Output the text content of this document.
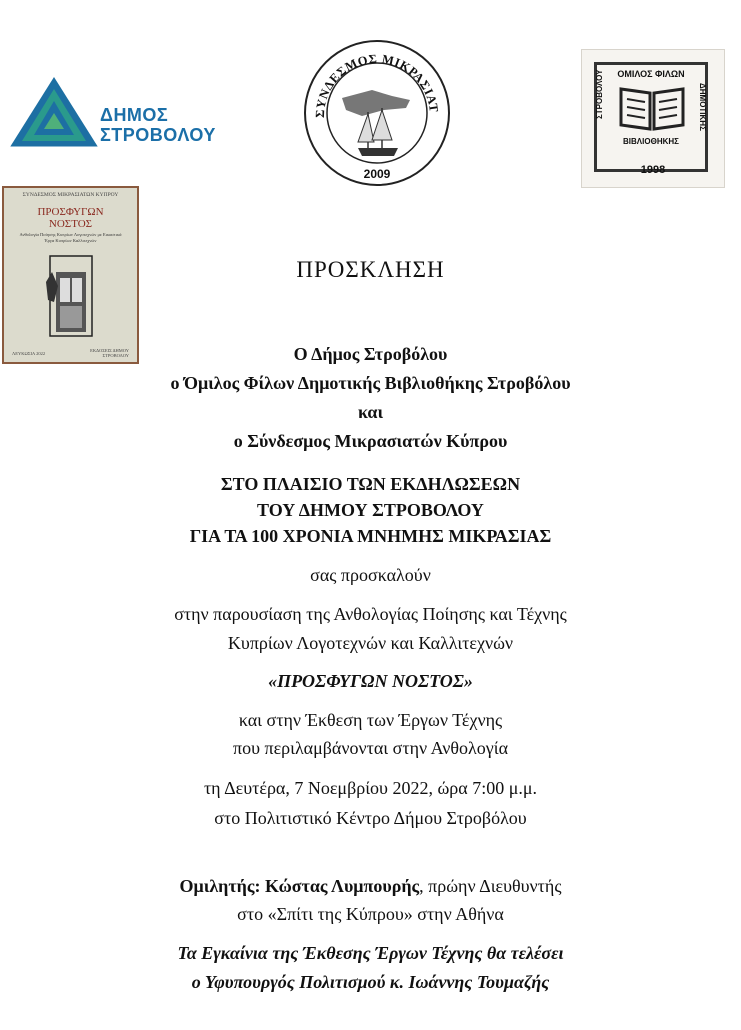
ΔΗΜΟΣ
ΣΤΡΟΒΟΛΟΥ
ΣΥΝΔΕΣΜΟΣ ΜΙΚΡΑΣΙΑΤ
2009
ΟΜΙΛΟΣ ΦΙΛΩΝ
ΒΙΒΛΙΟΘΗΚΗΣ
ΣΤΡΟΒΟΛΟΥ	ΔΗΜΟΤΙΚΗΣ
1998
ΣΥΝΔΕΣΜΟΣ ΜΙΚΡΑΣΙΑΤΩΝ ΚΥΠΡΟΥ
ΠΡΟΣΦΥΓΩΝ
ΝΟΣΤΟΣ
Ανθολογία Ποίησης Κυπρίων Λογοτεχνών με Εικαστικά Έργα Κυπρίων Καλλιτεχνών
ΛΕΥΚΩΣΙΑ 2022
ΕΚΔΟΣΕΙΣ ΔΗΜΟΥ ΣΤΡΟΒΟΛΟΥ
ΠΡΟΣΚΛΗΣΗ
Ο Δήμος Στροβόλου
ο Όμιλος Φίλων Δημοτικής Βιβλιοθήκης Στροβόλου
και
ο Σύνδεσμος Μικρασιατών Κύπρου
ΣΤΟ ΠΛΑΙΣΙΟ ΤΩΝ ΕΚΔΗΛΩΣΕΩΝ
ΤΟΥ ΔΗΜΟΥ ΣΤΡΟΒΟΛΟΥ
ΓΙΑ ΤΑ 100 ΧΡΟΝΙΑ ΜΝΗΜΗΣ ΜΙΚΡΑΣΙΑΣ
σας προσκαλούν
στην παρουσίαση της Ανθολογίας Ποίησης και Τέχνης
Κυπρίων Λογοτεχνών και Καλλιτεχνών
«ΠΡΟΣΦΥΓΩΝ ΝΟΣΤΟΣ»
και στην Έκθεση των Έργων Τέχνης
που περιλαμβάνονται στην Ανθολογία
τη Δευτέρα, 7 Νοεμβρίου 2022, ώρα 7:00 μ.μ.
στο Πολιτιστικό Κέντρο Δήμου Στροβόλου
Ομιλητής: Κώστας Λυμπουρής, πρώην Διευθυντής
στο «Σπίτι της Κύπρου» στην Αθήνα
Τα Εγκαίνια της Έκθεσης Έργων Τέχνης θα τελέσει
ο Υφυπουργός Πολιτισμού κ. Ιωάννης Τουμαζής
